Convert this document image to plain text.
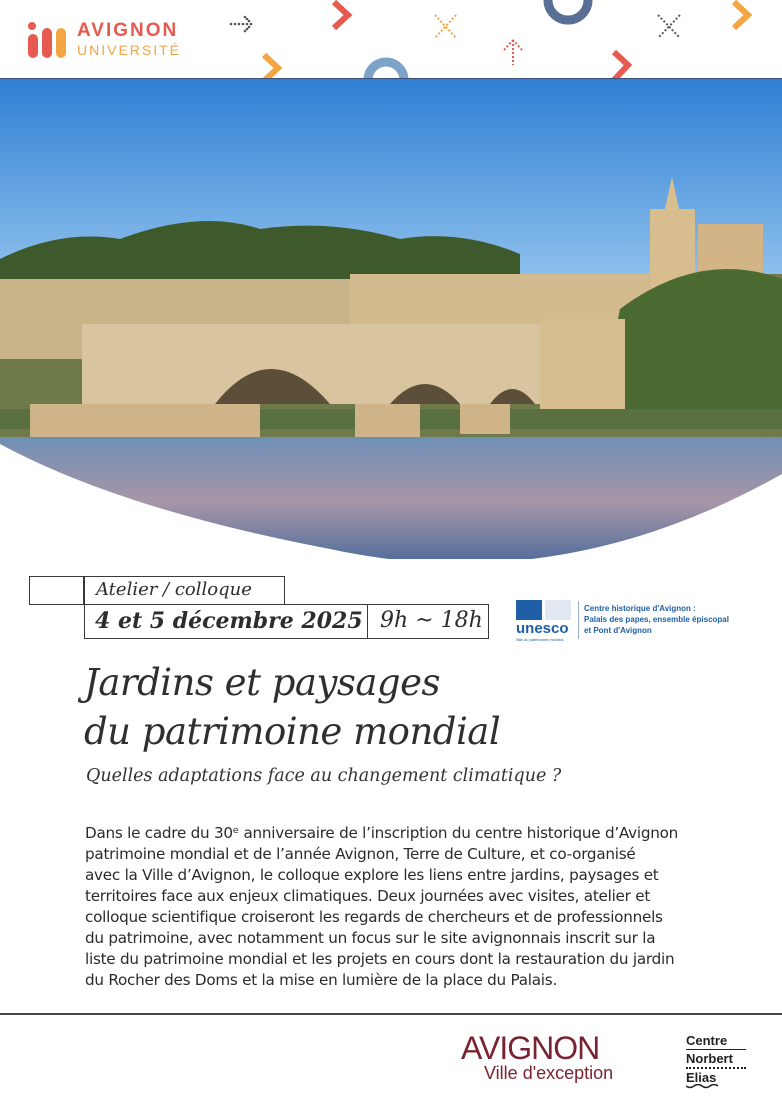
AVIGNON
UNIVERSITÉ
Atelier / colloque
4 et 5 décembre 2025 9h ~ 18h	unesco
Site du patrimoine mondial
Centre historique d'Avignon :
Palais des papes, ensemble épiscopal
et Pont d'Avignon
Jardins et paysages
du patrimoine mondial
Quelles adaptations face au changement climatique ?
Dans le cadre du 30ᵉ anniversaire de l’inscription du centre historique d’Avignon
patrimoine mondial et de l’année Avignon, Terre de Culture, et co-organisé
avec la Ville d’Avignon, le colloque explore les liens entre jardins, paysages et
territoires face aux enjeux climatiques. Deux journées avec visites, atelier et
colloque scientifique croiseront les regards de chercheurs et de professionnels
du patrimoine, avec notamment un focus sur le site avignonnais inscrit sur la
liste du patrimoine mondial et les projets en cours dont la restauration du jardin
du Rocher des Doms et la mise en lumière de la place du Palais.
AVIGNON
Ville d'exception
Centre
Norbert
Elias
